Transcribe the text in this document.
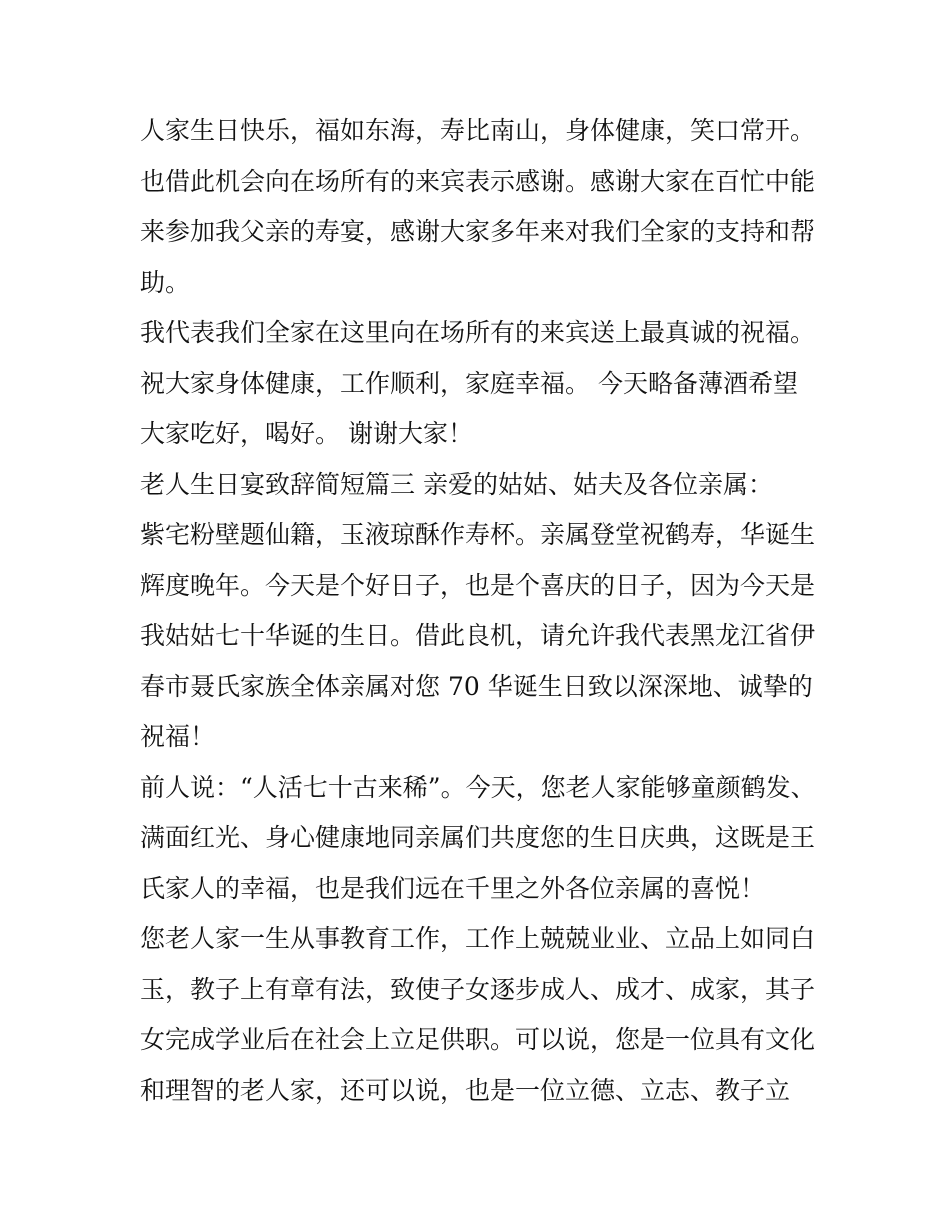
人家生日快乐，福如东海，寿比南山，身体健康，笑口常开。
也借此机会向在场所有的来宾表示感谢。感谢大家在百忙中能
来参加我父亲的寿宴，感谢大家多年来对我们全家的支持和帮
助。
我代表我们全家在这里向在场所有的来宾送上最真诚的祝福。
祝大家身体健康，工作顺利，家庭幸福。 今天略备薄酒希望
大家吃好，喝好。 谢谢大家！
老人生日宴致辞简短篇三 亲爱的姑姑、姑夫及各位亲属：
紫宅粉壁题仙籍，玉液琼酥作寿杯。亲属登堂祝鹤寿，华诞生
辉度晚年。今天是个好日子，也是个喜庆的日子，因为今天是
我姑姑七十华诞的生日。借此良机，请允许我代表黑龙江省伊
春市聂氏家族全体亲属对您 70 华诞生日致以深深地、诚挚的
祝福！
前人说：“人活七十古来稀”。今天，您老人家能够童颜鹤发、
满面红光、身心健康地同亲属们共度您的生日庆典，这既是王
氏家人的幸福，也是我们远在千里之外各位亲属的喜悦！
您老人家一生从事教育工作，工作上兢兢业业、立品上如同白
玉，教子上有章有法，致使子女逐步成人、成才、成家，其子
女完成学业后在社会上立足供职。可以说，您是一位具有文化
和理智的老人家，还可以说，也是一位立德、立志、教子立
